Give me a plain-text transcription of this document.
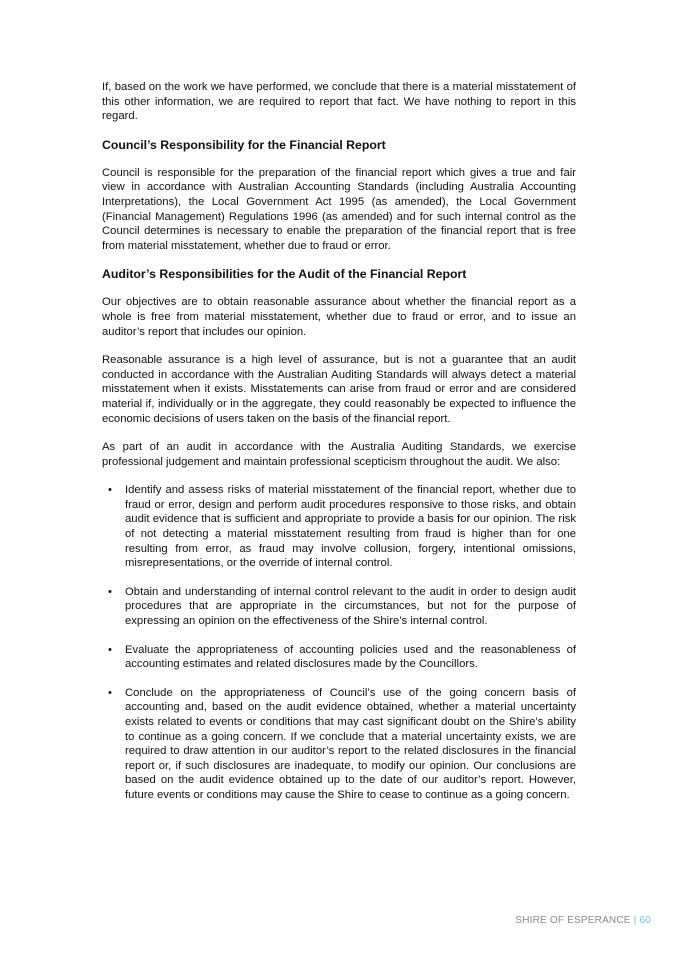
If, based on the work we have performed, we conclude that there is a material misstatement of this other information, we are required to report that fact. We have nothing to report in this regard.

Council’s Responsibility for the Financial Report

Council is responsible for the preparation of the financial report which gives a true and fair view in accordance with Australian Accounting Standards (including Australia Accounting Interpretations), the Local Government Act 1995 (as amended), the Local Government (Financial Management) Regulations 1996 (as amended) and for such internal control as the Council determines is necessary to enable the preparation of the financial report that is free from material misstatement, whether due to fraud or error.

Auditor’s Responsibilities for the Audit of the Financial Report

Our objectives are to obtain reasonable assurance about whether the financial report as a whole is free from material misstatement, whether due to fraud or error, and to issue an auditor’s report that includes our opinion.

Reasonable assurance is a high level of assurance, but is not a guarantee that an audit conducted in accordance with the Australian Auditing Standards will always detect a material misstatement when it exists. Misstatements can arise from fraud or error and are considered material if, individually or in the aggregate, they could reasonably be expected to influence the economic decisions of users taken on the basis of the financial report.

As part of an audit in accordance with the Australia Auditing Standards, we exercise professional judgement and maintain professional scepticism throughout the audit. We also:

• Identify and assess risks of material misstatement of the financial report, whether due to fraud or error, design and perform audit procedures responsive to those risks, and obtain audit evidence that is sufficient and appropriate to provide a basis for our opinion. The risk of not detecting a material misstatement resulting from fraud is higher than for one resulting from error, as fraud may involve collusion, forgery, intentional omissions, misrepresentations, or the override of internal control.
• Obtain and understanding of internal control relevant to the audit in order to design audit procedures that are appropriate in the circumstances, but not for the purpose of expressing an opinion on the effectiveness of the Shire’s internal control.
• Evaluate the appropriateness of accounting policies used and the reasonableness of accounting estimates and related disclosures made by the Councillors.
• Conclude on the appropriateness of Council’s use of the going concern basis of accounting and, based on the audit evidence obtained, whether a material uncertainty exists related to events or conditions that may cast significant doubt on the Shire’s ability to continue as a going concern. If we conclude that a material uncertainty exists, we are required to draw attention in our auditor’s report to the related disclosures in the financial report or, if such disclosures are inadequate, to modify our opinion. Our conclusions are based on the audit evidence obtained up to the date of our auditor’s report. However, future events or conditions may cause the Shire to cease to continue as a going concern.
SHIRE OF ESPERANCE | 60
